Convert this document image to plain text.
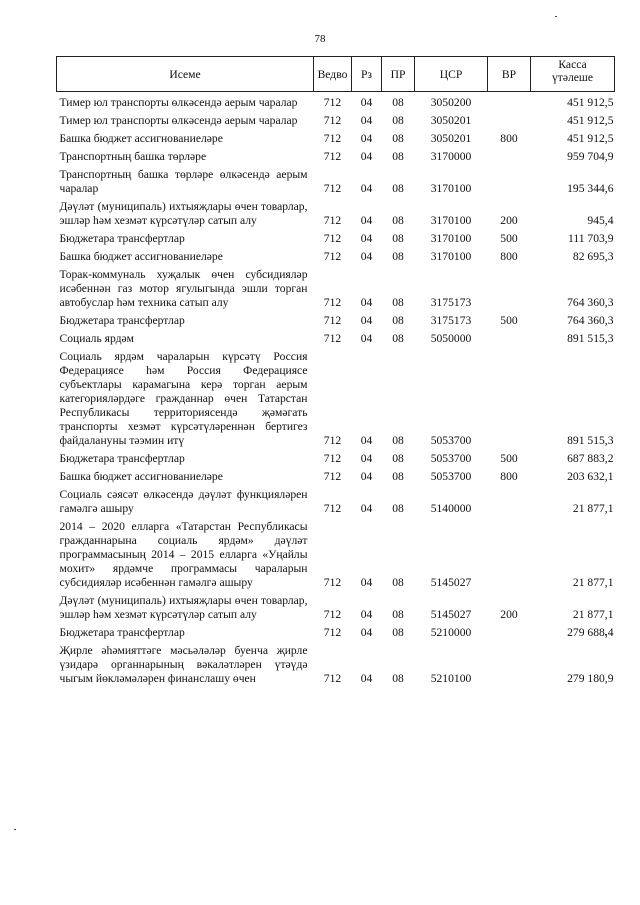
78
Исеме	Ведво	Рз	ПР	ЦСР	ВР	Касса
үтәлеше

Тимер юл транспорты өлкәсендә аерым чаралар	712	04	08	3050200		451 912,5
Тимер юл транспорты өлкәсендә аерым чаралар	712	04	08	3050201		451 912,5
Башка бюджет ассигнованиеләре	712	04	08	3050201	800	451 912,5
Транспортның башка төрләре	712	04	08	3170000		959 704,9
Транспортның башка төрләре өлкәсендә аерым чаралар	712	04	08	3170100		195 344,6
Дәүләт (муниципаль) ихтыяҗлары өчен товарлар, эшләр һәм хезмәт күрсәтүләр сатып алу	712	04	08	3170100	200	945,4
Бюджетара трансфертлар	712	04	08	3170100	500	111 703,9
Башка бюджет ассигнованиеләре	712	04	08	3170100	800	82 695,3
Торак-коммуналь хуҗалык өчен субсидияләр исәбеннән газ мотор ягулыгында эшли торган автобуслар һәм техника сатып алу	712	04	08	3175173		764 360,3
Бюджетара трансфертлар	712	04	08	3175173	500	764 360,3
Социаль ярдәм	712	04	08	5050000		891 515,3
Социаль ярдәм чараларын күрсәтү Россия Федерациясе һәм Россия Федерациясе субъектлары карамагына керә торган аерым категорияләрдәге гражданнар өчен Татарстан Республикасы территориясендә җәмәгать транспорты хезмәт күрсәтүләреннән бертигез файдалануны тәэмин итү	712	04	08	5053700		891 515,3
Бюджетара трансфертлар	712	04	08	5053700	500	687 883,2
Башка бюджет ассигнованиеләре	712	04	08	5053700	800	203 632,1
Социаль сәясәт өлкәсендә дәүләт функцияләрен гамәлгә ашыру	712	04	08	5140000		21 877,1
2014 – 2020 елларга «Татарстан Республикасы гражданнарына социаль ярдәм» дәүләт программасының 2014 – 2015 елларга «Уңайлы мохит» ярдәмче программасы чараларын субсидияләр исәбеннән гамәлгә ашыру	712	04	08	5145027		21 877,1
Дәүләт (муниципаль) ихтыяҗлары өчен товарлар, эшләр һәм хезмәт күрсәтүләр сатып алу	712	04	08	5145027	200	21 877,1
Бюджетара трансфертлар	712	04	08	5210000		279 688,4
Җирле әһәмияттәге мәсьәләләр буенча җирле үзидарә органнарының вәкаләтләрен үтәүдә чыгым йөкләмәләрен финанслашу өчен	712	04	08	5210100		279 180,9
